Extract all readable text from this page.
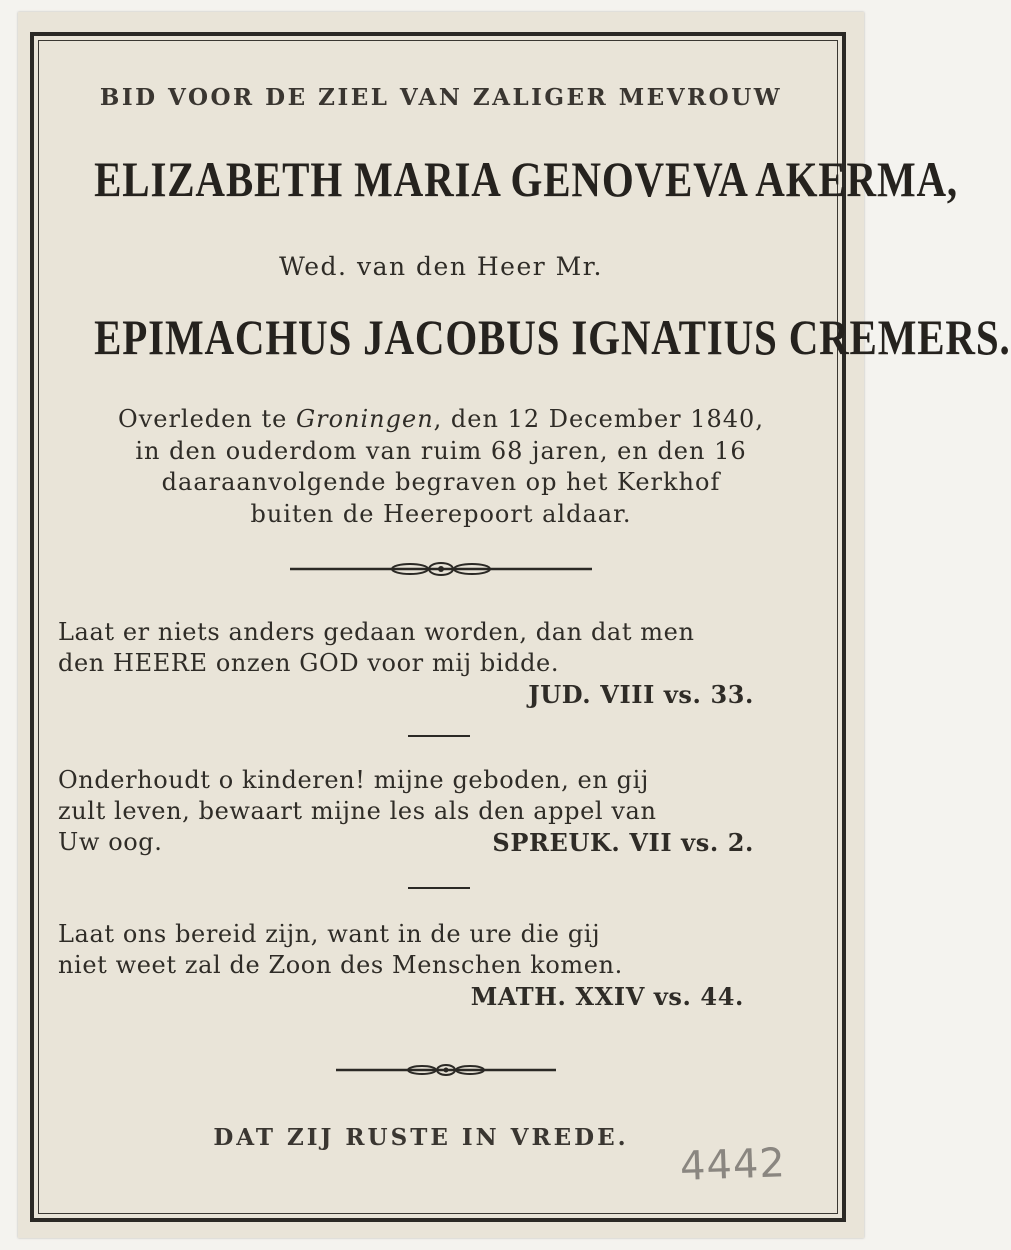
BID VOOR DE ZIEL VAN ZALIGER MEVROUW
ELIZABETH MARIA GENOVEVA AKERMA,
Wed. van den Heer Mr.
EPIMACHUS JACOBUS IGNATIUS CREMERS.
Overleden te Groningen, den 12 December 1840,
in den ouderdom van ruim 68 jaren, en den 16
daaraanvolgende begraven op het Kerkhof
buiten de Heerepoort aldaar.
Laat er niets anders gedaan worden, dan dat men
den HEERE onzen GOD voor mij bidde.
JUD. VIII vs. 33.
Onderhoudt o kinderen! mijne geboden, en gij
zult leven, bewaart mijne les als den appel van
Uw oog.	SPREUK. VII vs. 2.
Laat ons bereid zijn, want in de ure die gij
niet weet zal de Zoon des Menschen komen.
MATH. XXIV vs. 44.
DAT ZIJ RUSTE IN VREDE.
4442
